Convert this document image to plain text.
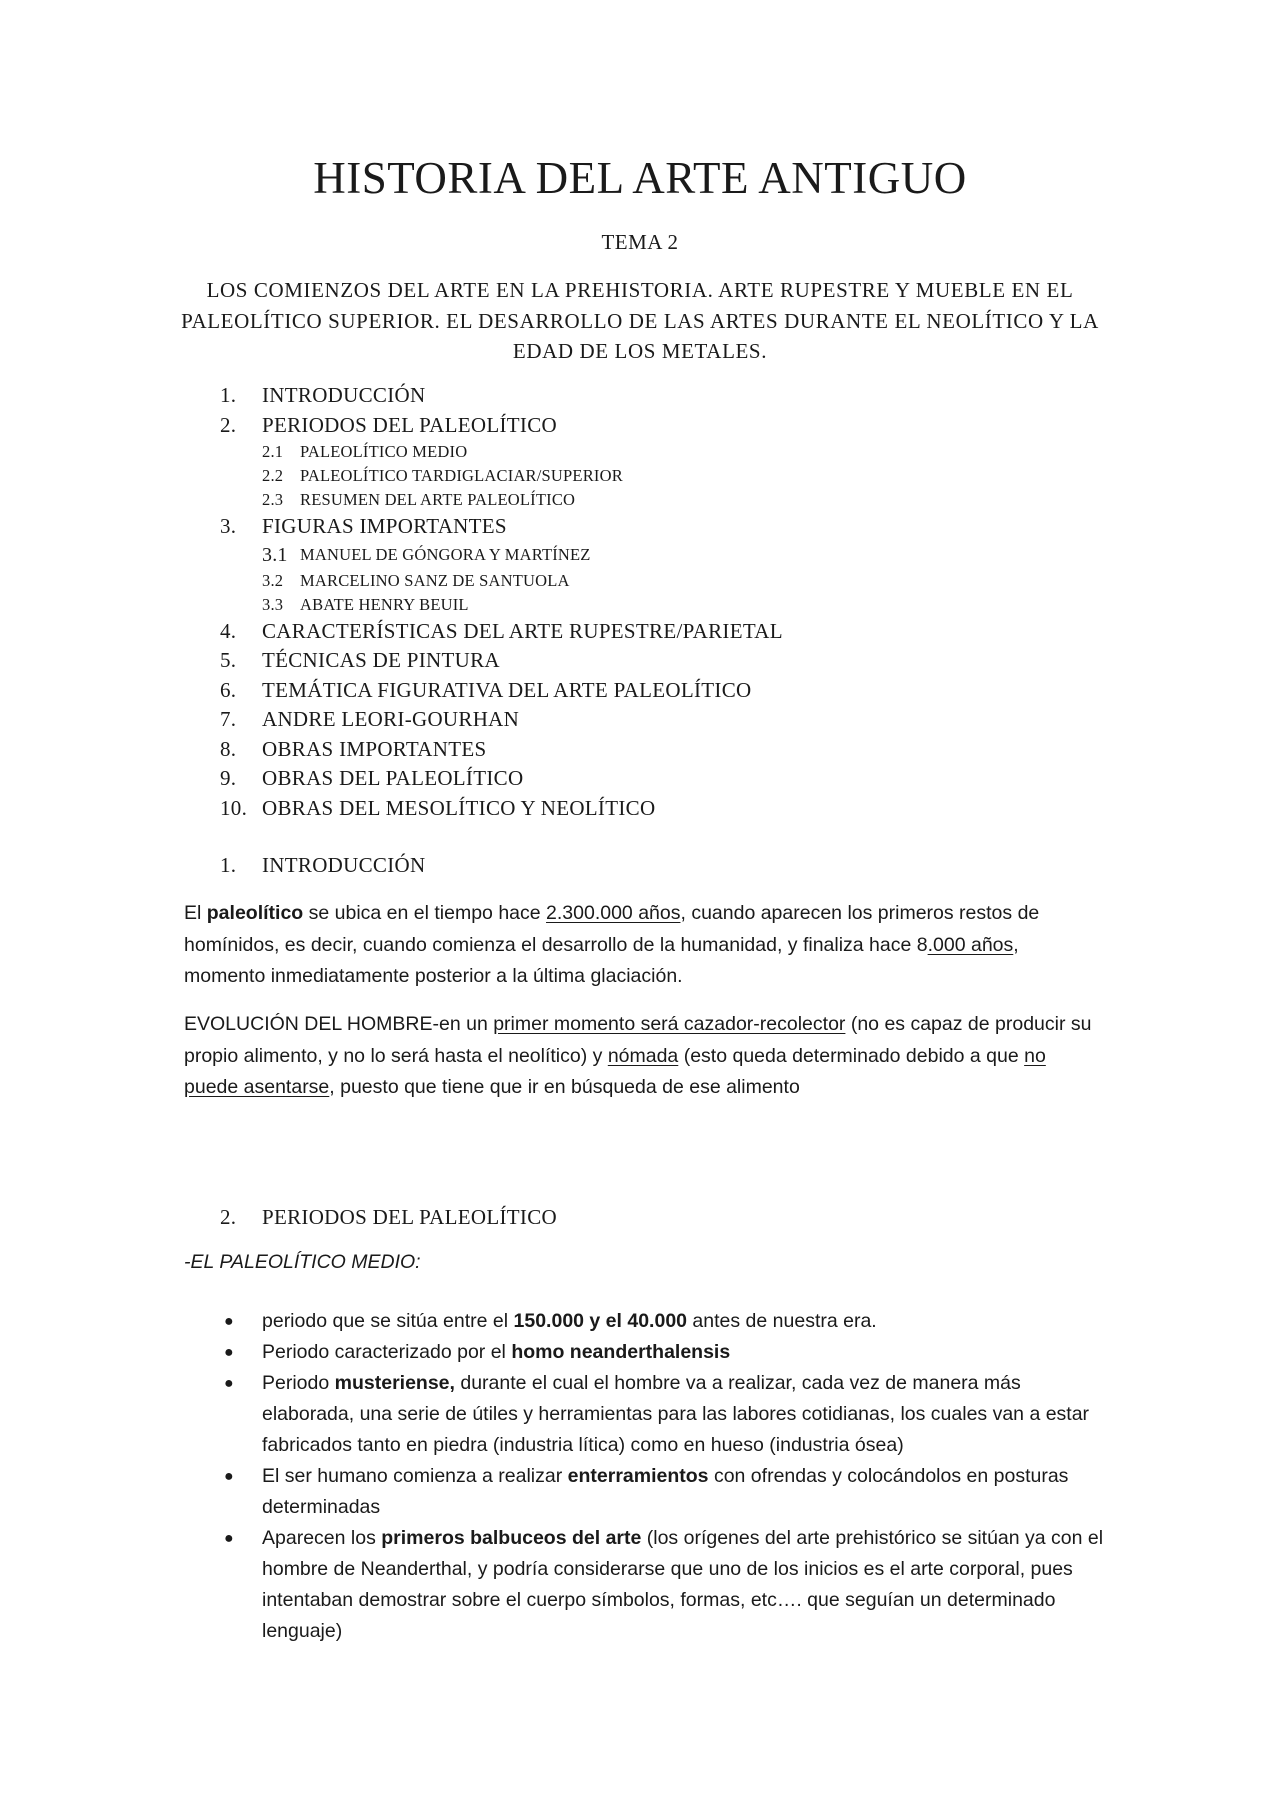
HISTORIA DEL ARTE ANTIGUO
TEMA 2
LOS COMIENZOS DEL ARTE EN LA PREHISTORIA. ARTE RUPESTRE Y MUEBLE EN EL PALEOLÍTICO SUPERIOR. EL DESARROLLO DE LAS ARTES DURANTE EL NEOLÍTICO Y LA EDAD DE LOS METALES.
1.	INTRODUCCIÓN
2.	PERIODOS DEL PALEOLÍTICO
2.1	PALEOLÍTICO MEDIO
2.2	PALEOLÍTICO TARDIGLACIAR/SUPERIOR
2.3	RESUMEN DEL ARTE PALEOLÍTICO
3.	FIGURAS IMPORTANTES
3.1 MANUEL DE GÓNGORA Y MARTÍNEZ
3.2	MARCELINO SANZ DE SANTUOLA
3.3	ABATE HENRY BEUIL
4.	CARACTERÍSTICAS DEL ARTE RUPESTRE/PARIETAL
5.	TÉCNICAS DE PINTURA
6.	TEMÁTICA FIGURATIVA DEL ARTE PALEOLÍTICO
7.	ANDRE LEORI-GOURHAN
8.	OBRAS IMPORTANTES
9.	OBRAS DEL PALEOLÍTICO
10. OBRAS DEL MESOLÍTICO Y NEOLÍTICO
1.	INTRODUCCIÓN
El paleolítico se ubica en el tiempo hace 2.300.000 años, cuando aparecen los primeros restos de homínidos, es decir, cuando comienza el desarrollo de la humanidad, y finaliza hace 8.000 años, momento inmediatamente posterior a la última glaciación.
EVOLUCIÓN DEL HOMBRE-en un primer momento será cazador-recolector (no es capaz de producir su propio alimento, y no lo será hasta el neolítico) y nómada (esto queda determinado debido a que no puede asentarse, puesto que tiene que ir en búsqueda de ese alimento
2.	PERIODOS DEL PALEOLÍTICO
-EL PALEOLÍTICO MEDIO:
●	periodo que se sitúa entre el 150.000 y el 40.000 antes de nuestra era.
●	Periodo caracterizado por el homo neanderthalensis
●	Periodo musteriense, durante el cual el hombre va a realizar, cada vez de manera más elaborada, una serie de útiles y herramientas para las labores cotidianas, los cuales van a estar fabricados tanto en piedra (industria lítica) como en hueso (industria ósea)
●	El ser humano comienza a realizar enterramientos con ofrendas y colocándolos en posturas determinadas
●	Aparecen los primeros balbuceos del arte (los orígenes del arte prehistórico se sitúan ya con el hombre de Neanderthal, y podría considerarse que uno de los inicios es el arte corporal, pues intentaban demostrar sobre el cuerpo símbolos, formas, etc…. que seguían un determinado lenguaje)
